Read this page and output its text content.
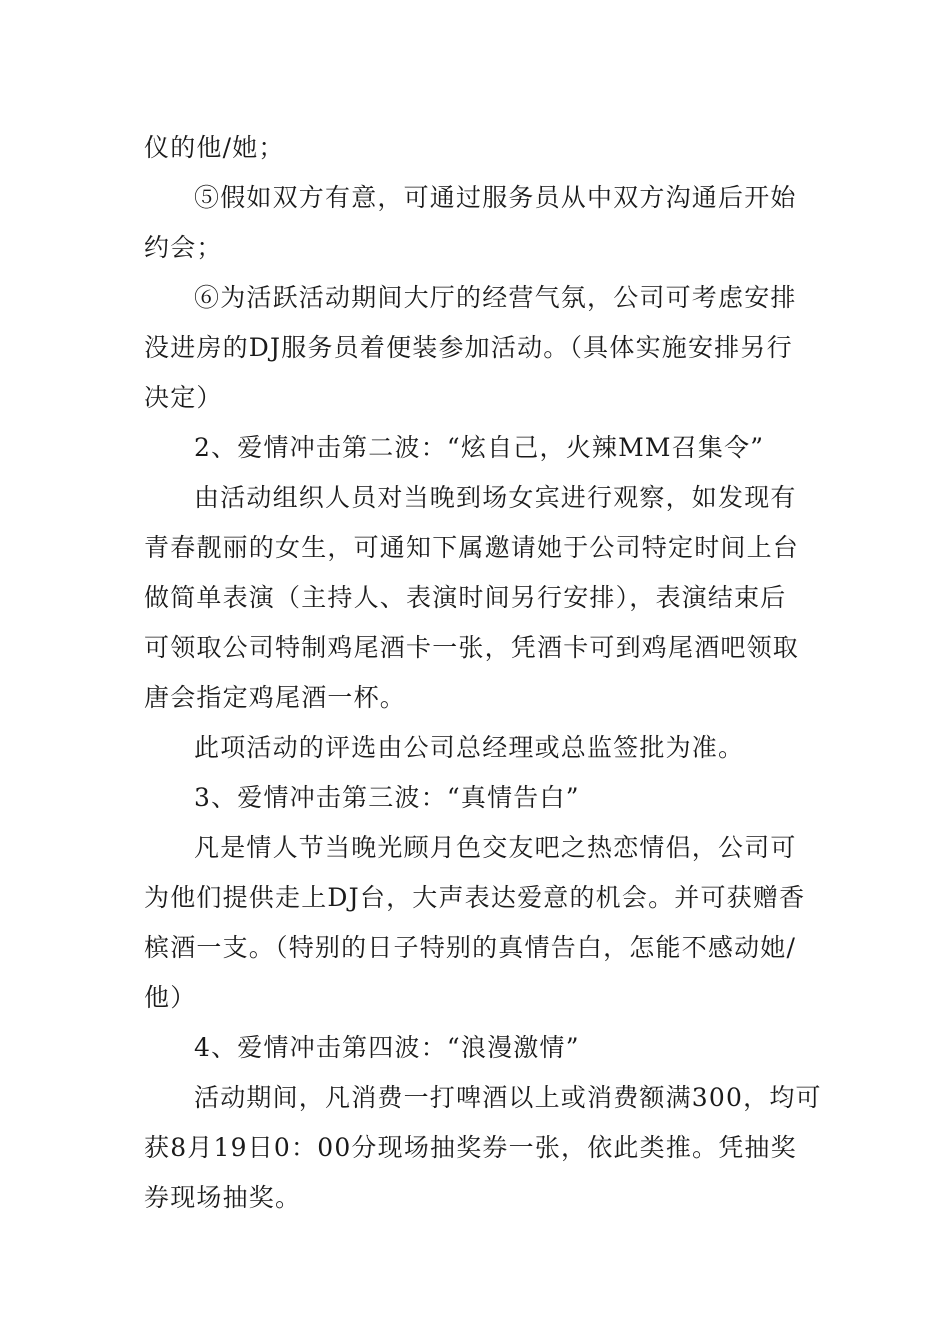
仪的他/她；
⑤假如双方有意，可通过服务员从中双方沟通后开始
约会；
⑥为活跃活动期间大厅的经营气氛，公司可考虑安排
没进房的DJ服务员着便装参加活动。（具体实施安排另行
决定）
2、爱情冲击第二波：“炫自己，火辣MM召集令”
由活动组织人员对当晚到场女宾进行观察，如发现有
青春靓丽的女生，可通知下属邀请她于公司特定时间上台
做简单表演（主持人、表演时间另行安排），表演结束后
可领取公司特制鸡尾酒卡一张，凭酒卡可到鸡尾酒吧领取
唐会指定鸡尾酒一杯。
此项活动的评选由公司总经理或总监签批为准。
3、爱情冲击第三波：“真情告白”
凡是情人节当晚光顾月色交友吧之热恋情侣，公司可
为他们提供走上DJ台，大声表达爱意的机会。并可获赠香
槟酒一支。（特别的日子特别的真情告白，怎能不感动她/
他）
4、爱情冲击第四波：“浪漫激情”
活动期间，凡消费一打啤酒以上或消费额满300，均可
获8月19日0：00分现场抽奖券一张，依此类推。凭抽奖
券现场抽奖。
